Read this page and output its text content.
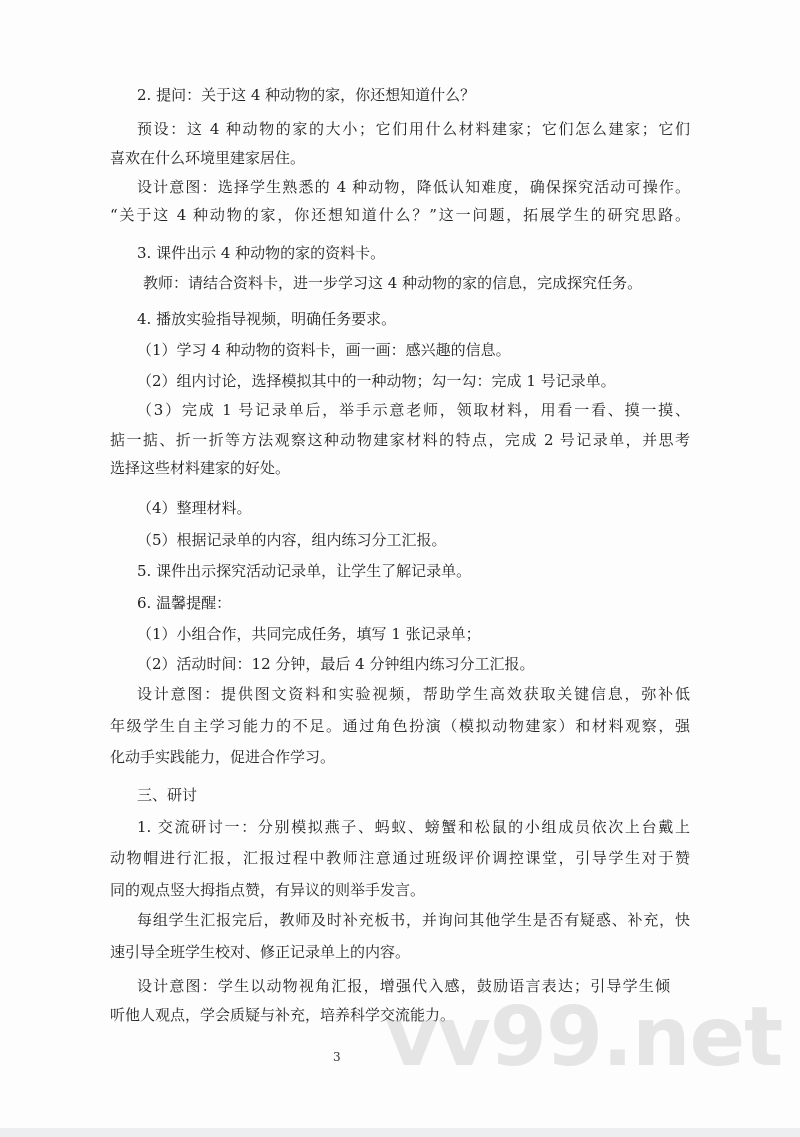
2. 提问：关于这 4 种动物的家，你还想知道什么？
预设：这 4 种动物的家的大小；它们用什么材料建家；它们怎么建家；它们
喜欢在什么环境里建家居住。
设计意图：选择学生熟悉的 4 种动物，降低认知难度，确保探究活动可操作。
“关于这 4 种动物的家，你还想知道什么？”这一问题，拓展学生的研究思路。
3. 课件出示 4 种动物的家的资料卡。
教师：请结合资料卡，进一步学习这 4 种动物的家的信息，完成探究任务。
4. 播放实验指导视频，明确任务要求。
（1）学习 4 种动物的资料卡，画一画：感兴趣的信息。
（2）组内讨论，选择模拟其中的一种动物；勾一勾：完成 1 号记录单。
（3）完成 1 号记录单后，举手示意老师，领取材料，用看一看、摸一摸、
掂一掂、折一折等方法观察这种动物建家材料的特点，完成 2 号记录单，并思考
选择这些材料建家的好处。
（4）整理材料。
（5）根据记录单的内容，组内练习分工汇报。
5. 课件出示探究活动记录单，让学生了解记录单。
6. 温馨提醒：
（1）小组合作，共同完成任务，填写 1 张记录单；
（2）活动时间：12 分钟，最后 4 分钟组内练习分工汇报。
设计意图：提供图文资料和实验视频，帮助学生高效获取关键信息，弥补低
年级学生自主学习能力的不足。通过角色扮演（模拟动物建家）和材料观察，强
化动手实践能力，促进合作学习。
三、研讨
1. 交流研讨一：分别模拟燕子、蚂蚁、螃蟹和松鼠的小组成员依次上台戴上
动物帽进行汇报，汇报过程中教师注意通过班级评价调控课堂，引导学生对于赞
同的观点竖大拇指点赞，有异议的则举手发言。
每组学生汇报完后，教师及时补充板书，并询问其他学生是否有疑惑、补充，快
速引导全班学生校对、修正记录单上的内容。
设计意图：学生以动物视角汇报，增强代入感，鼓励语言表达；引导学生倾
听他人观点，学会质疑与补充，培养科学交流能力。
3 vv99.net
